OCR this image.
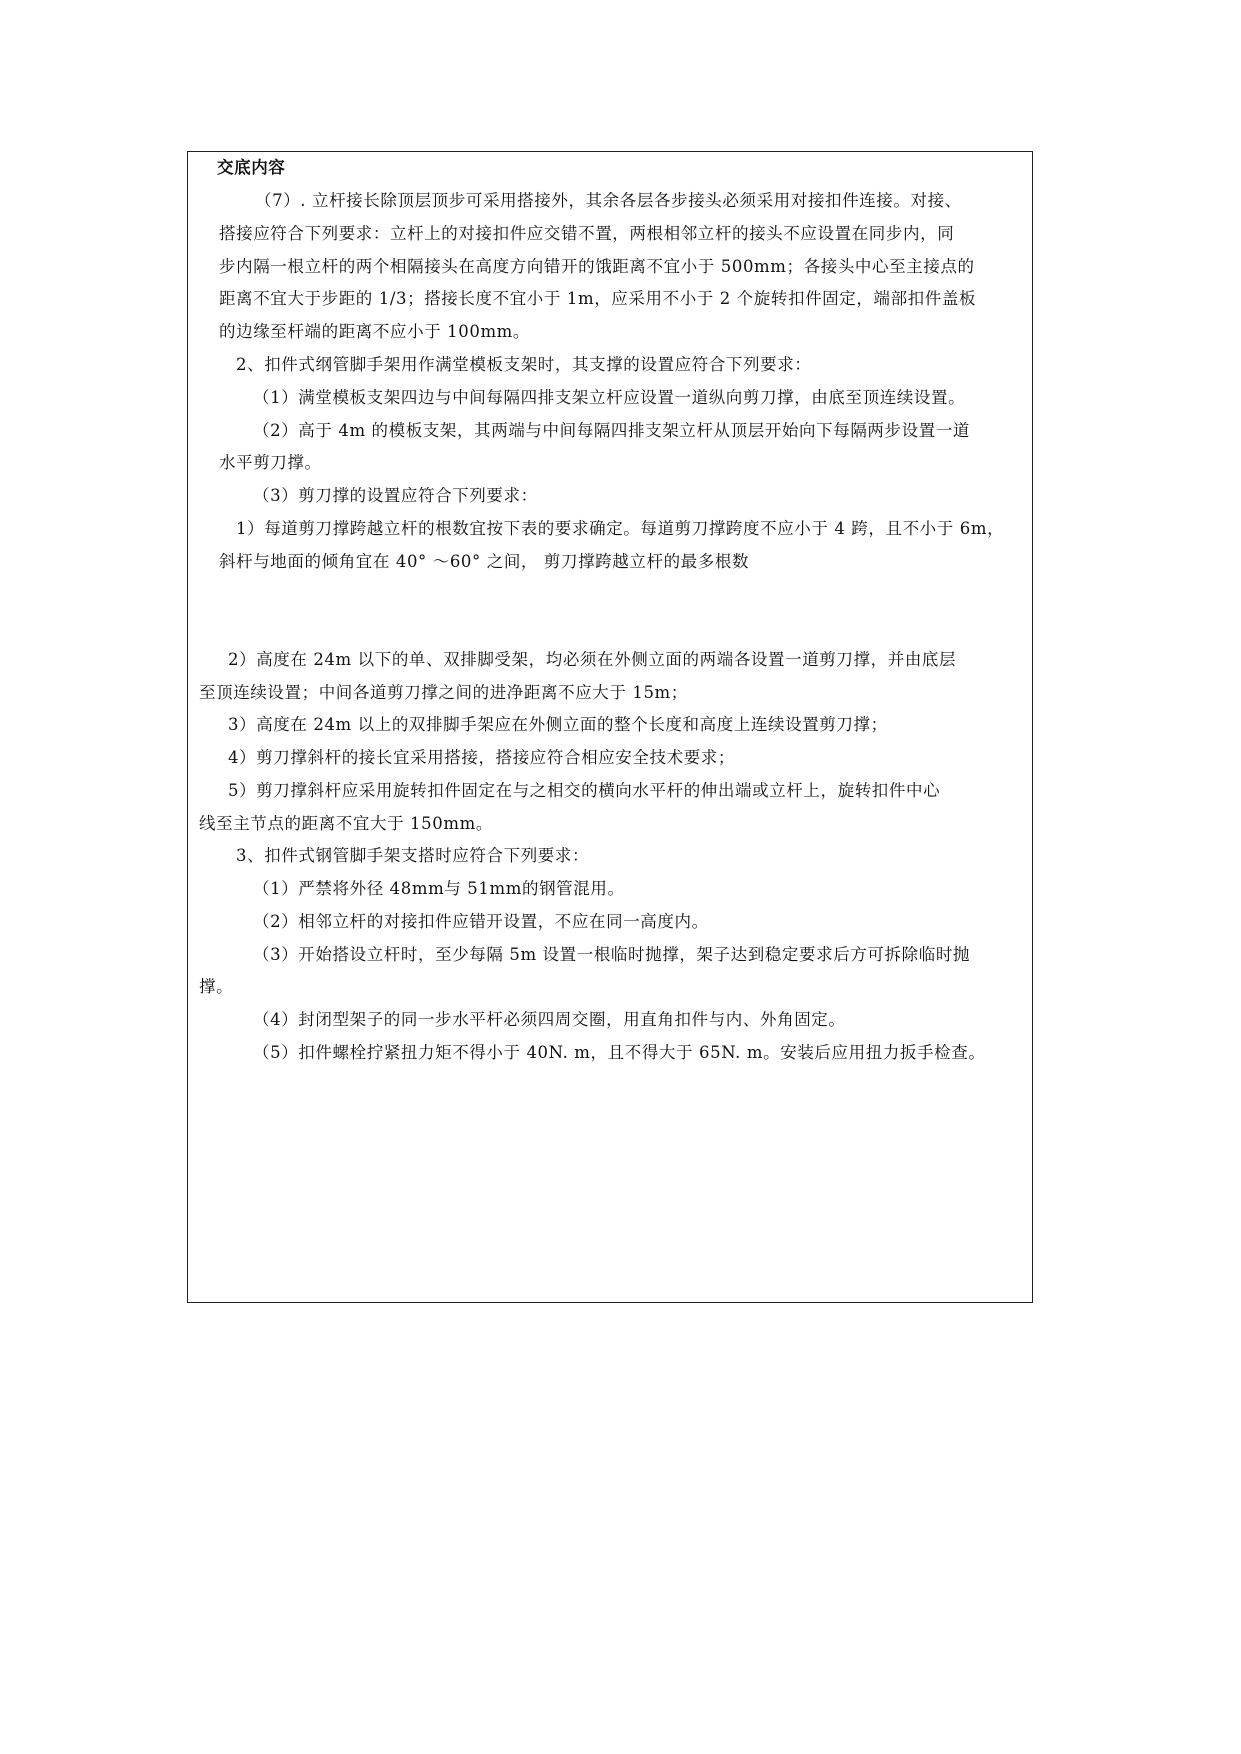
交底内容
（7）. 立杆接长除顶层顶步可采用搭接外，其余各层各步接头必须采用对接扣件连接。对接、
搭接应符合下列要求：立杆上的对接扣件应交错不置，两根相邻立杆的接头不应设置在同步内，同
步内隔一根立杆的两个相隔接头在高度方向错开的饿距离不宜小于 500mm；各接头中心至主接点的
距离不宜大于步距的 1/3；搭接长度不宜小于 1m，应采用不小于 2 个旋转扣件固定，端部扣件盖板
的边缘至杆端的距离不应小于 100mm。
2、扣件式纲管脚手架用作满堂模板支架时，其支撑的设置应符合下列要求：
（1）满堂模板支架四边与中间每隔四排支架立杆应设置一道纵向剪刀撑，由底至顶连续设置。
（2）高于 4m 的模板支架，其两端与中间每隔四排支架立杆从顶层开始向下每隔两步设置一道
水平剪刀撑。
（3）剪刀撑的设置应符合下列要求：
1）每道剪刀撑跨越立杆的根数宜按下表的要求确定。每道剪刀撑跨度不应小于 4 跨，且不小于 6m，
斜杆与地面的倾角宜在 40° ～60° 之间， 剪刀撑跨越立杆的最多根数
2）高度在 24m 以下的单、双排脚受架，均必须在外侧立面的两端各设置一道剪刀撑，并由底层
至顶连续设置；中间各道剪刀撑之间的进净距离不应大于 15m；
3）高度在 24m 以上的双排脚手架应在外侧立面的整个长度和高度上连续设置剪刀撑；
4）剪刀撑斜杆的接长宜采用搭接，搭接应符合相应安全技术要求；
5）剪刀撑斜杆应采用旋转扣件固定在与之相交的横向水平杆的伸出端或立杆上，旋转扣件中心
线至主节点的距离不宜大于 150mm。
3、扣件式钢管脚手架支搭时应符合下列要求：
（1）严禁将外径 48mm与 51mm的钢管混用。
（2）相邻立杆的对接扣件应错开设置，不应在同一高度内。
（3）开始搭设立杆时，至少每隔 5m 设置一根临时抛撑，架子达到稳定要求后方可拆除临时抛
撑。
（4）封闭型架子的同一步水平杆必须四周交圈，用直角扣件与内、外角固定。
（5）扣件螺栓拧紧扭力矩不得小于 40N. m，且不得大于 65N. m。安装后应用扭力扳手检查。
